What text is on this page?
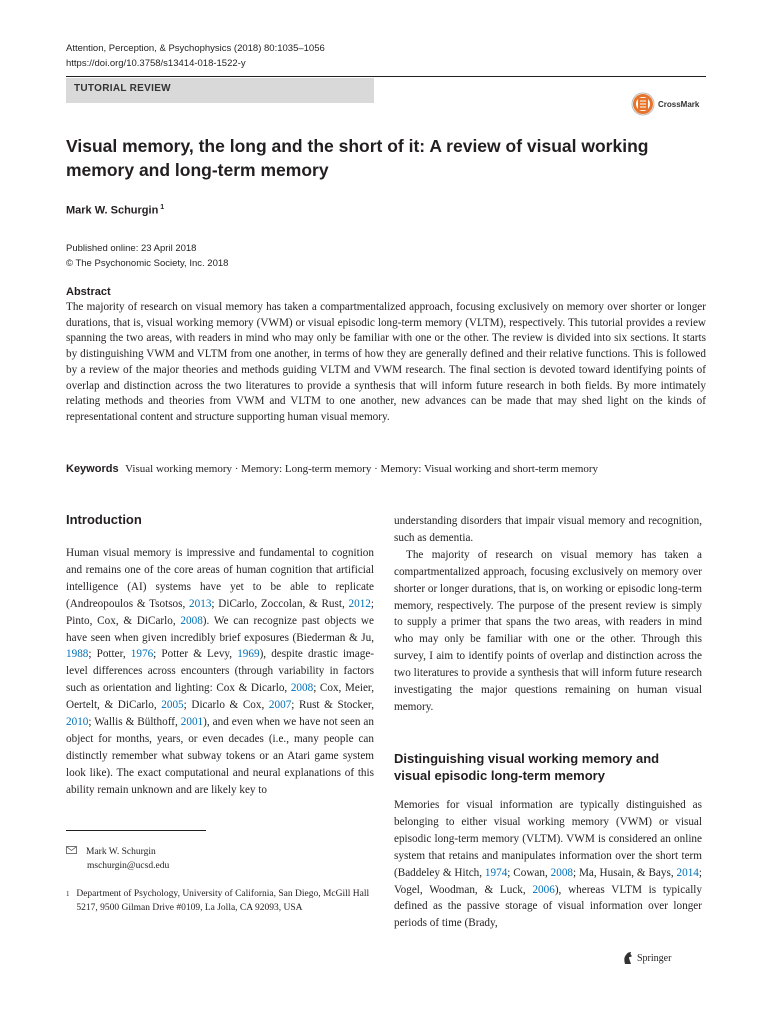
Attention, Perception, & Psychophysics (2018) 80:1035–1056
https://doi.org/10.3758/s13414-018-1522-y
TUTORIAL REVIEW
CrossMark
Visual memory, the long and the short of it: A review of visual working memory and long-term memory
Mark W. Schurgin $^1$
Published online: 23 April 2018
© The Psychonomic Society, Inc. 2018
Abstract
The majority of research on visual memory has taken a compartmentalized approach, focusing exclusively on memory over shorter or longer durations, that is, visual working memory (VWM) or visual episodic long-term memory (VLTM), respectively. This tutorial provides a review spanning the two areas, with readers in mind who may only be familiar with one or the other. The review is divided into six sections. It starts by distinguishing VWM and VLTM from one another, in terms of how they are generally defined and their relative functions. This is followed by a review of the major theories and methods guiding VLTM and VWM research. The final section is devoted toward identifying points of overlap and distinction across the two literatures to provide a synthesis that will inform future research in both fields. By more intimately relating methods and theories from VWM and VLTM to one another, new advances can be made that may shed light on the kinds of representational content and structure supporting human visual memory.
Keywords Visual working memory · Memory: Long-term memory · Memory: Visual working and short-term memory
Introduction

Human visual memory is impressive and fundamental to cognition and remains one of the core areas of human cognition that artificial intelligence (AI) systems have yet to be able to replicate (Andreopoulos & Tsotsos, 2013; DiCarlo, Zoccolan, & Rust, 2012; Pinto, Cox, & DiCarlo, 2008). We can recognize past objects we have seen when given incredibly brief exposures (Biederman & Ju, 1988; Potter, 1976; Potter & Levy, 1969), despite drastic image-level differences across encounters (through variability in factors such as orientation and lighting: Cox & Dicarlo, 2008; Cox, Meier, Oertelt, & DiCarlo, 2005; Dicarlo & Cox, 2007; Rust & Stocker, 2010; Wallis & Bülthoff, 2001), and even when we have not seen an object for months, years, or even decades (i.e., many people can distinctly remember what subway tokens or an Atari game system look like). The exact computational and neural explanations of this ability remain unknown and are likely key to

understanding disorders that impair visual memory and recognition, such as dementia.

The majority of research on visual memory has taken a compartmentalized approach, focusing exclusively on memory over shorter or longer durations, that is, on working or episodic long-term memory, respectively. The purpose of the present review is simply to supply a primer that spans the two areas, with readers in mind who may only be familiar with one or the other. Through this survey, I aim to identify points of overlap and distinction across the two literatures to provide a synthesis that will inform future research investigating the major questions remaining on human visual memory.

Distinguishing visual working memory and visual episodic long-term memory

Memories for visual information are typically distinguished as belonging to either visual working memory (VWM) or visual episodic long-term memory (VLTM). VWM is considered an online system that retains and manipulates information over the short term (Baddeley & Hitch, 1974; Cowan, 2008; Ma, Husain, & Bays, 2014; Vogel, Woodman, & Luck, 2006), whereas VLTM is typically defined as the passive storage of visual information over longer periods of time (Brady,

Mark W. Schurgin
mschurgin@ucsd.edu
1 Department of Psychology, University of California, San Diego, McGill Hall 5217, 9500 Gilman Drive #0109, La Jolla, CA 92093, USA
Springer
